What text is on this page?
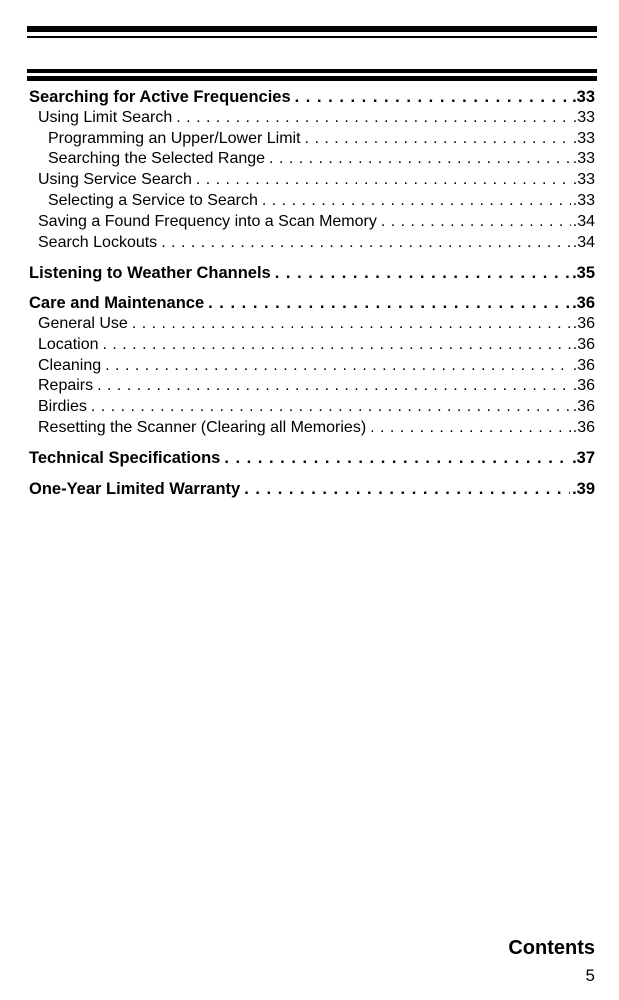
Searching for Active Frequencies . . .	.33
Using Limit Search . . .	.33
Programming an Upper/Lower Limit . . .	.33
Searching the Selected Range . . .	.33
Using Service Search . . .	.33
Selecting a Service to Search . . .	.33
Saving a Found Frequency into a Scan Memory . . .	.34
Search Lockouts . . .	.34
Listening to Weather Channels . . .	.35
Care and Maintenance . . .	.36
General Use . . .	.36
Location . . .	.36
Cleaning . . .	.36
Repairs . . .	.36
Birdies . . .	.36
Resetting the Scanner (Clearing all Memories) . . .	.36
Technical Specifications . . .	.37
One-Year Limited Warranty . . .	.39
Contents
5
